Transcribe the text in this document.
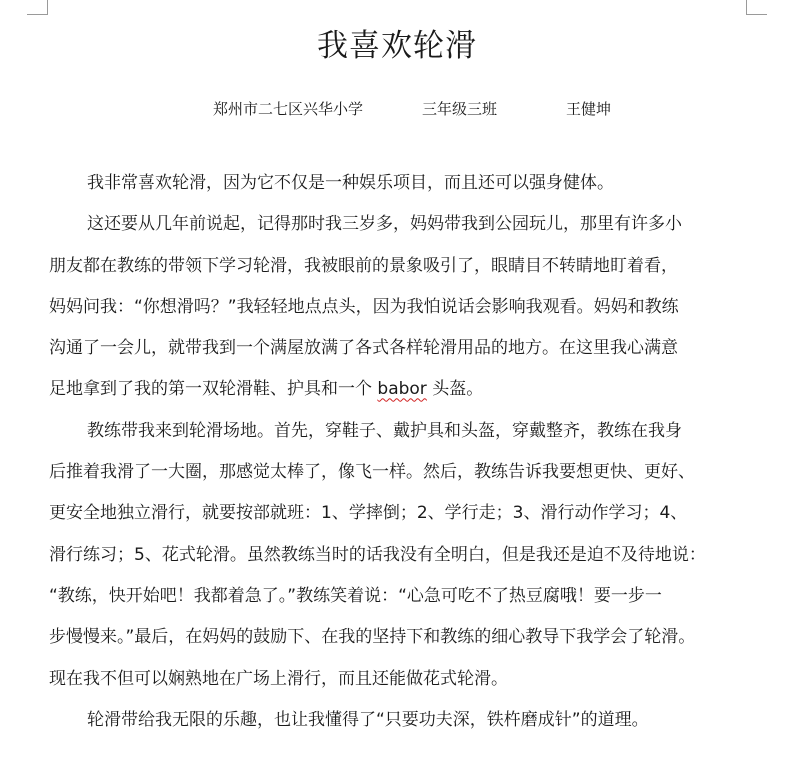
我喜欢轮滑
郑州市二七区兴华小学	三年级三班	王健坤
我非常喜欢轮滑，因为它不仅是一种娱乐项目，而且还可以强身健体。
这还要从几年前说起，记得那时我三岁多，妈妈带我到公园玩儿，那里有许多小
朋友都在教练的带领下学习轮滑，我被眼前的景象吸引了，眼睛目不转睛地盯着看，
妈妈问我：“你想滑吗？”我轻轻地点点头，因为我怕说话会影响我观看。妈妈和教练
沟通了一会儿，就带我到一个满屋放满了各式各样轮滑用品的地方。在这里我心满意
足地拿到了我的第一双轮滑鞋、护具和一个 babor 头盔。
教练带我来到轮滑场地。首先，穿鞋子、戴护具和头盔，穿戴整齐，教练在我身
后推着我滑了一大圈，那感觉太棒了，像飞一样。然后，教练告诉我要想更快、更好、
更安全地独立滑行，就要按部就班：1、学摔倒；2、学行走；3、滑行动作学习；4、
滑行练习；5、花式轮滑。虽然教练当时的话我没有全明白，但是我还是迫不及待地说：
“教练，快开始吧！我都着急了。”教练笑着说：“心急可吃不了热豆腐哦！要一步一
步慢慢来。”最后，在妈妈的鼓励下、在我的坚持下和教练的细心教导下我学会了轮滑。
现在我不但可以娴熟地在广场上滑行，而且还能做花式轮滑。
轮滑带给我无限的乐趣，也让我懂得了“只要功夫深，铁杵磨成针”的道理。
